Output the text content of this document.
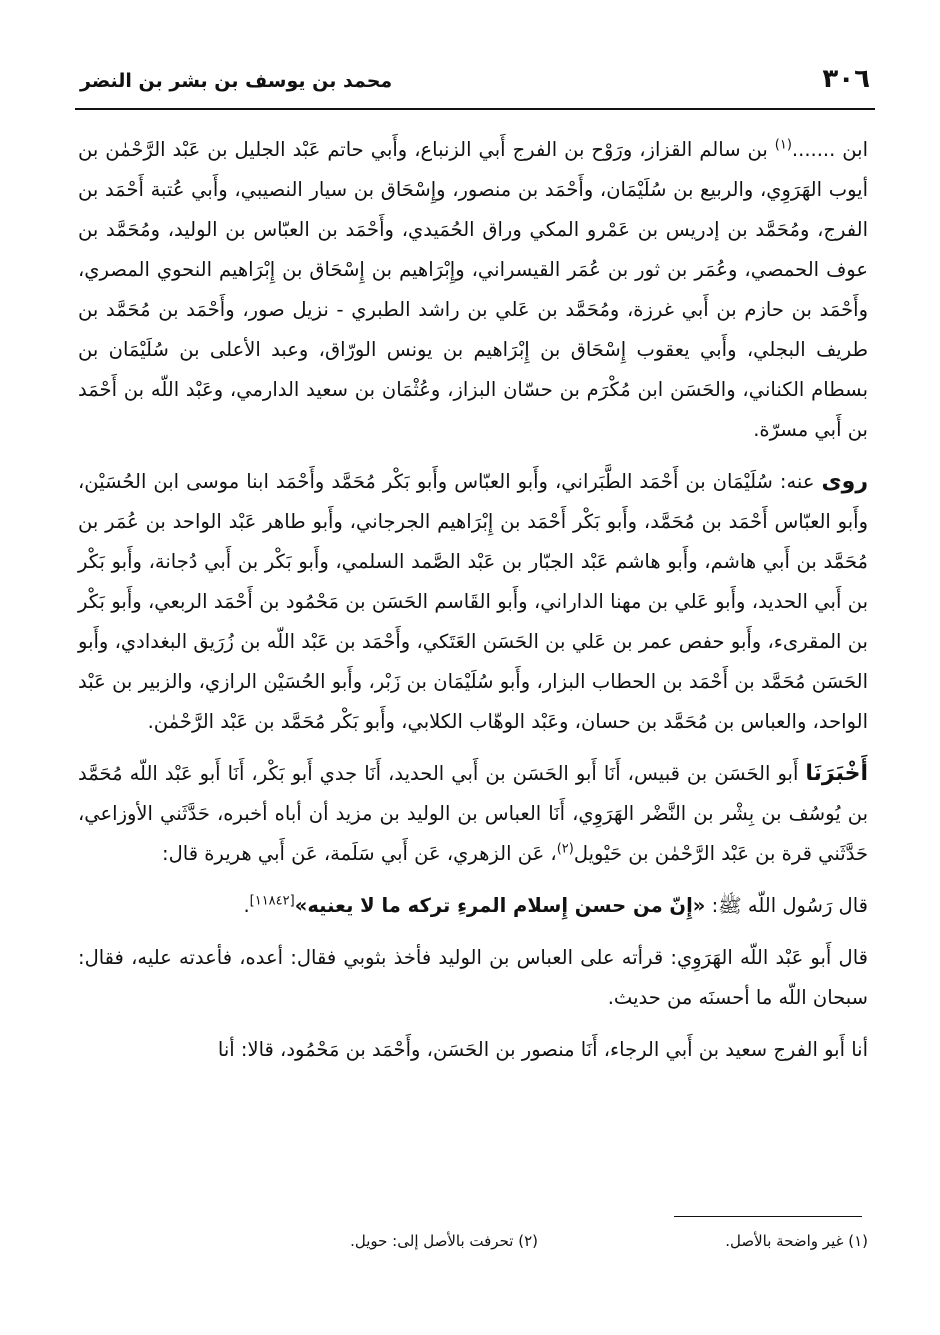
٣٠٦
محمد بن يوسف بن بشر بن النضر

ابن .......$^{(١)}$ بن سالم القزاز، ورَوْح بن الفرج أَبي الزنباع، وأَبي حاتم عَبْد الجليل بن عَبْد الرَّحْمٰن بن أيوب الهَرَوِي، والربيع بن سُلَيْمَان، وأَحْمَد بن منصور، وإِسْحَاق بن سيار النصيبي، وأَبي عُتبة أَحْمَد بن الفرج، ومُحَمَّد بن إدريس بن عَمْرو المكي وراق الحُمَيدي، وأَحْمَد بن العبّاس بن الوليد، ومُحَمَّد بن عوف الحمصي، وعُمَر بن ثور بن عُمَر القيسراني، وإِبْرَاهيم بن إِسْحَاق بن إِبْرَاهيم النحوي المصري، وأَحْمَد بن حازم بن أَبي غرزة، ومُحَمَّد بن عَلي بن راشد الطبري - نزيل صور، وأَحْمَد بن مُحَمَّد بن طريف البجلي، وأَبي يعقوب إِسْحَاق بن إِبْرَاهيم بن يونس الورّاق، وعبد الأعلى بن سُلَيْمَان بن بسطام الكناني، والحَسَن ابن مُكْرَم بن حسّان البزاز، وعُثْمَان بن سعيد الدارمي، وعَبْد اللّه بن أَحْمَد بن أَبي مسرّة.

روى عنه: سُلَيْمَان بن أَحْمَد الطَّبَراني، وأَبو العبّاس وأَبو بَكْر مُحَمَّد وأَحْمَد ابنا موسى ابن الحُسَيْن، وأَبو العبّاس أَحْمَد بن مُحَمَّد، وأَبو بَكْر أَحْمَد بن إِبْرَاهيم الجرجاني، وأَبو طاهر عَبْد الواحد بن عُمَر بن مُحَمَّد بن أَبي هاشم، وأَبو هاشم عَبْد الجبّار بن عَبْد الصَّمد السلمي، وأَبو بَكْر بن أَبي دُجانة، وأَبو بَكْر بن أَبي الحديد، وأَبو عَلي بن مهنا الداراني، وأَبو القَاسم الحَسَن بن مَحْمُود بن أَحْمَد الربعي، وأَبو بَكْر بن المقرىء، وأَبو حفص عمر بن عَلي بن الحَسَن العَتَكي، وأَحْمَد بن عَبْد اللّه بن زُرَيق البغدادي، وأَبو الحَسَن مُحَمَّد بن أَحْمَد بن الحطاب البزار، وأَبو سُلَيْمَان بن زَبْر، وأَبو الحُسَيْن الرازي، والزبير بن عَبْد الواحد، والعباس بن مُحَمَّد بن حسان، وعَبْد الوهّاب الكلابي، وأَبو بَكْر مُحَمَّد بن عَبْد الرَّحْمٰن.

أَخْبَرَنَا أَبو الحَسَن بن قبيس، أَنَا أَبو الحَسَن بن أَبي الحديد، أَنَا جدي أَبو بَكْر، أَنَا أَبو عَبْد اللّه مُحَمَّد بن يُوسُف بن بِشْر بن النَّضْر الهَرَوِي، أَنَا العباس بن الوليد بن مزيد أن أباه أخبره، حَدَّثَني الأوزاعي، حَدَّثَني قرة بن عَبْد الرَّحْمٰن بن حَيْويل$^{(٢)}$، عَن الزهري، عَن أَبي سَلَمة، عَن أَبي هريرة قال:

قال رَسُول اللّه ﷺ: «إِنّ من حسن إِسلام المرءِ تركه ما لا يعنيه»[١١٨٤٢].

قال أَبو عَبْد اللّه الهَرَوِي: قرأته على العباس بن الوليد فأخذ بثوبي فقال: أعده، فأعدته عليه، فقال: سبحان اللّه ما أحسنَه من حديث.

أنا أَبو الفرج سعيد بن أَبي الرجاء، أَنَا منصور بن الحَسَن، وأَحْمَد بن مَحْمُود، قالا: أنا

(١) غير واضحة بالأصل.
(٢) تحرفت بالأصل إلى: حويل.
